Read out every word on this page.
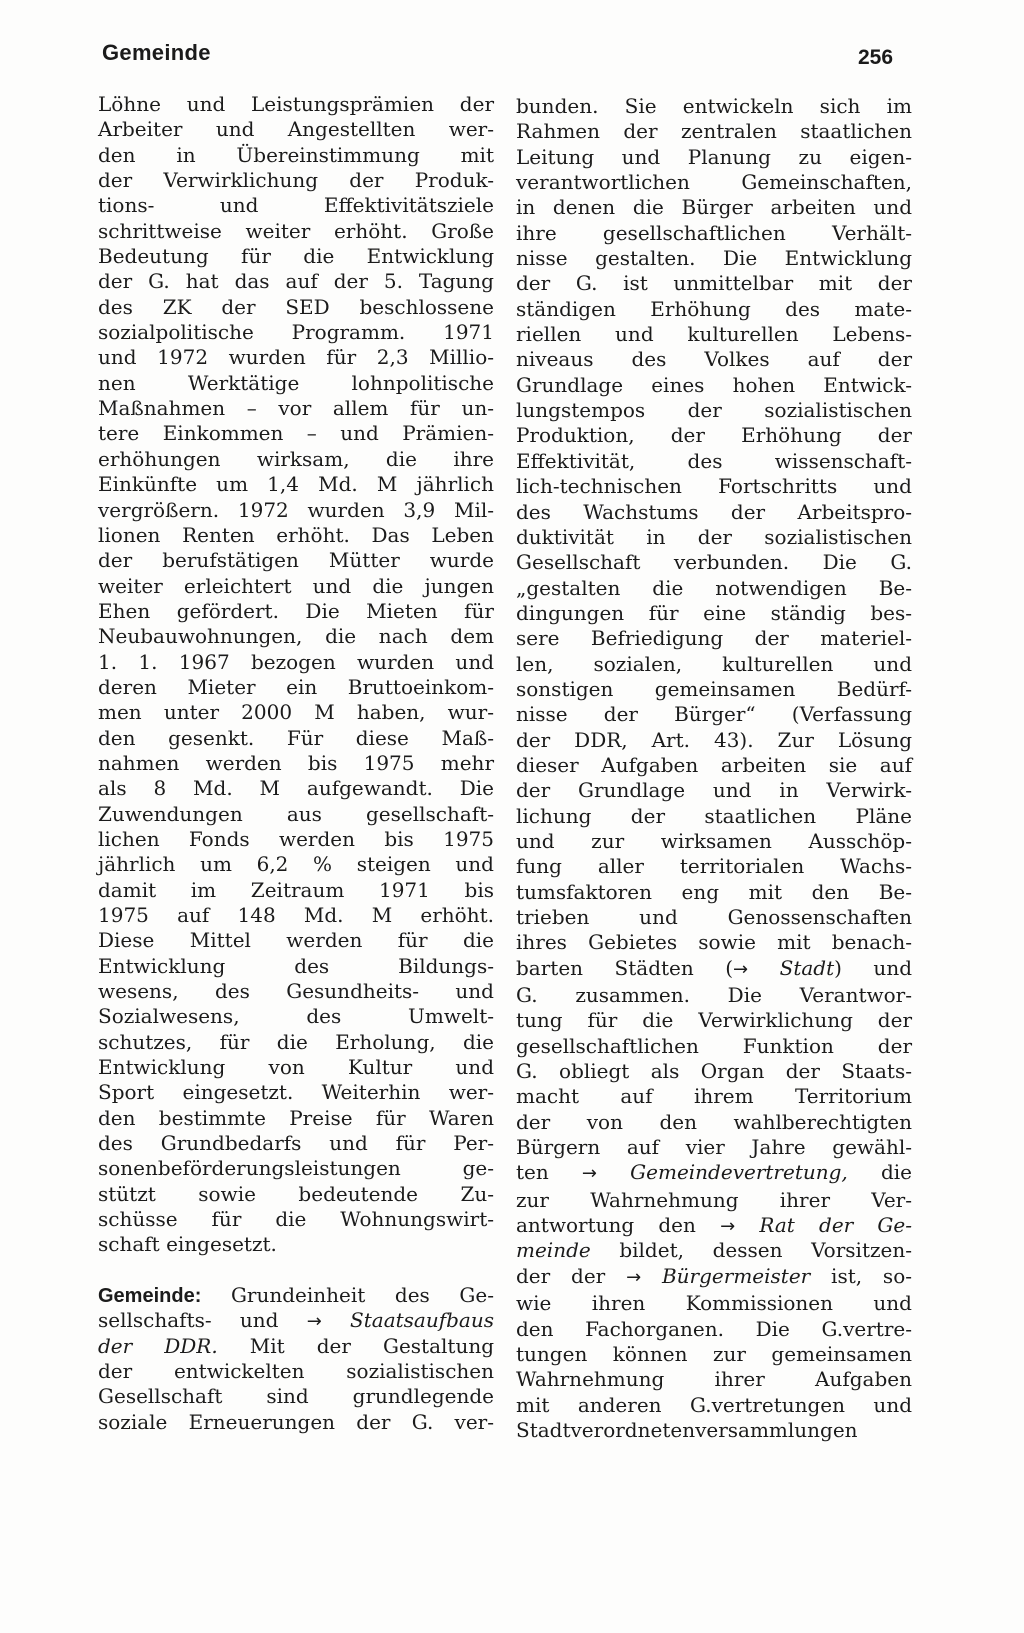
Gemeinde	256
Löhne und Leistungsprämien der
Arbeiter und Angestellten wer-
den in Übereinstimmung mit
der Verwirklichung der Produk-
tions- und Effektivitätsziele
schrittweise weiter erhöht. Große
Bedeutung für die Entwicklung
der G. hat das auf der 5. Tagung
des ZK der SED beschlossene
sozialpolitische Programm. 1971
und 1972 wurden für 2,3 Millio-
nen Werktätige lohnpolitische
Maßnahmen – vor allem für un-
tere Einkommen – und Prämien-
erhöhungen wirksam, die ihre
Einkünfte um 1,4 Md. M jährlich
vergrößern. 1972 wurden 3,9 Mil-
lionen Renten erhöht. Das Leben
der berufstätigen Mütter wurde
weiter erleichtert und die jungen
Ehen gefördert. Die Mieten für
Neubauwohnungen, die nach dem
1. 1. 1967 bezogen wurden und
deren Mieter ein Bruttoeinkom-
men unter 2000 M haben, wur-
den gesenkt. Für diese Maß-
nahmen werden bis 1975 mehr
als 8 Md. M aufgewandt. Die
Zuwendungen aus gesellschaft-
lichen Fonds werden bis 1975
jährlich um 6,2 % steigen und
damit im Zeitraum 1971 bis
1975 auf 148 Md. M erhöht.
Diese Mittel werden für die
Entwicklung des Bildungs-
wesens, des Gesundheits- und
Sozialwesens, des Umwelt-
schutzes, für die Erholung, die
Entwicklung von Kultur und
Sport eingesetzt. Weiterhin wer-
den bestimmte Preise für Waren
des Grundbedarfs und für Per-
sonenbeförderungsleistungen ge-
stützt sowie bedeutende Zu-
schüsse für die Wohnungswirt-
schaft eingesetzt.
Gemeinde: Grundeinheit des Ge-
sellschafts- und → Staatsaufbaus
der DDR. Mit der Gestaltung
der entwickelten sozialistischen
Gesellschaft sind grundlegende
soziale Erneuerungen der G. ver-
bunden. Sie entwickeln sich im
Rahmen der zentralen staatlichen
Leitung und Planung zu eigen-
verantwortlichen Gemeinschaften,
in denen die Bürger arbeiten und
ihre gesellschaftlichen Verhält-
nisse gestalten. Die Entwicklung
der G. ist unmittelbar mit der
ständigen Erhöhung des mate-
riellen und kulturellen Lebens-
niveaus des Volkes auf der
Grundlage eines hohen Entwick-
lungstempos der sozialistischen
Produktion, der Erhöhung der
Effektivität, des wissenschaft-
lich-technischen Fortschritts und
des Wachstums der Arbeitspro-
duktivität in der sozialistischen
Gesellschaft verbunden. Die G.
„gestalten die notwendigen Be-
dingungen für eine ständig bes-
sere Befriedigung der materiel-
len, sozialen, kulturellen und
sonstigen gemeinsamen Bedürf-
nisse der Bürger“ (Verfassung
der DDR, Art. 43). Zur Lösung
dieser Aufgaben arbeiten sie auf
der Grundlage und in Verwirk-
lichung der staatlichen Pläne
und zur wirksamen Ausschöp-
fung aller territorialen Wachs-
tumsfaktoren eng mit den Be-
trieben und Genossenschaften
ihres Gebietes sowie mit benach-
barten Städten (→ Stadt) und
G. zusammen. Die Verantwor-
tung für die Verwirklichung der
gesellschaftlichen Funktion der
G. obliegt als Organ der Staats-
macht auf ihrem Territorium
der von den wahlberechtigten
Bürgern auf vier Jahre gewähl-
ten → Gemeindevertretung, die
zur Wahrnehmung ihrer Ver-
antwortung den → Rat der Ge-
meinde bildet, dessen Vorsitzen-
der der → Bürgermeister ist, so-
wie ihren Kommissionen und
den Fachorganen. Die G.vertre-
tungen können zur gemeinsamen
Wahrnehmung ihrer Aufgaben
mit anderen G.vertretungen und
Stadtverordnetenversammlungen
